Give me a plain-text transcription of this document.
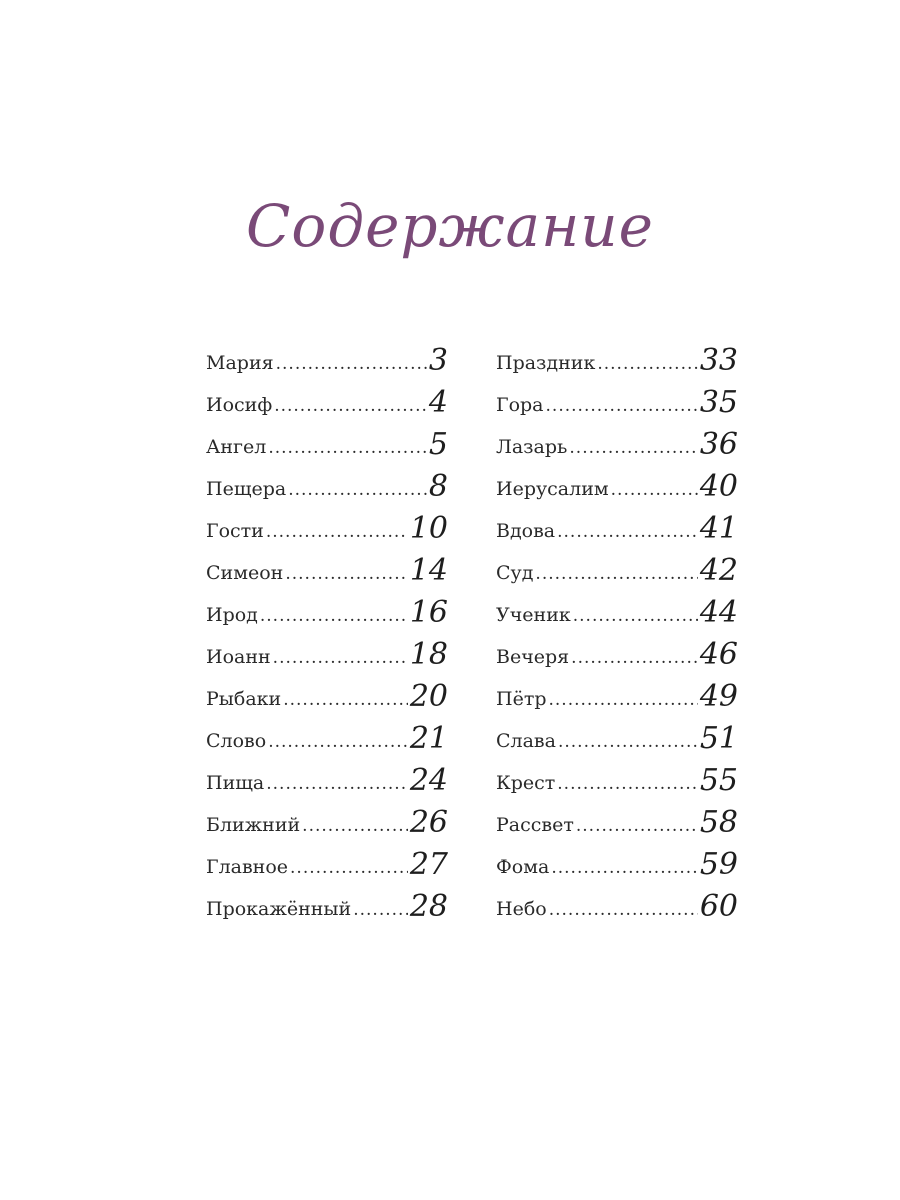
Содержание
Мария .....	3
Иосиф .....	4
Ангел .....	5
Пещера .....	8
Гости .....	10
Симеон .....	14
Ирод .....	16
Иоанн .....	18
Рыбаки .....	20
Слово .....	21
Пища .....	24
Ближний .....	26
Главное .....	27
Прокажённый ..... 28
Праздник .....	33
Гора .....	35
Лазарь .....	36
Иерусалим .....	40
Вдова .....	41
Суд .....	42
Ученик .....	44
Вечеря .....	46
Пётр .....	49
Слава .....	51
Крест .....	55
Рассвет .....	58
Фома .....	59
Небо .....	60
